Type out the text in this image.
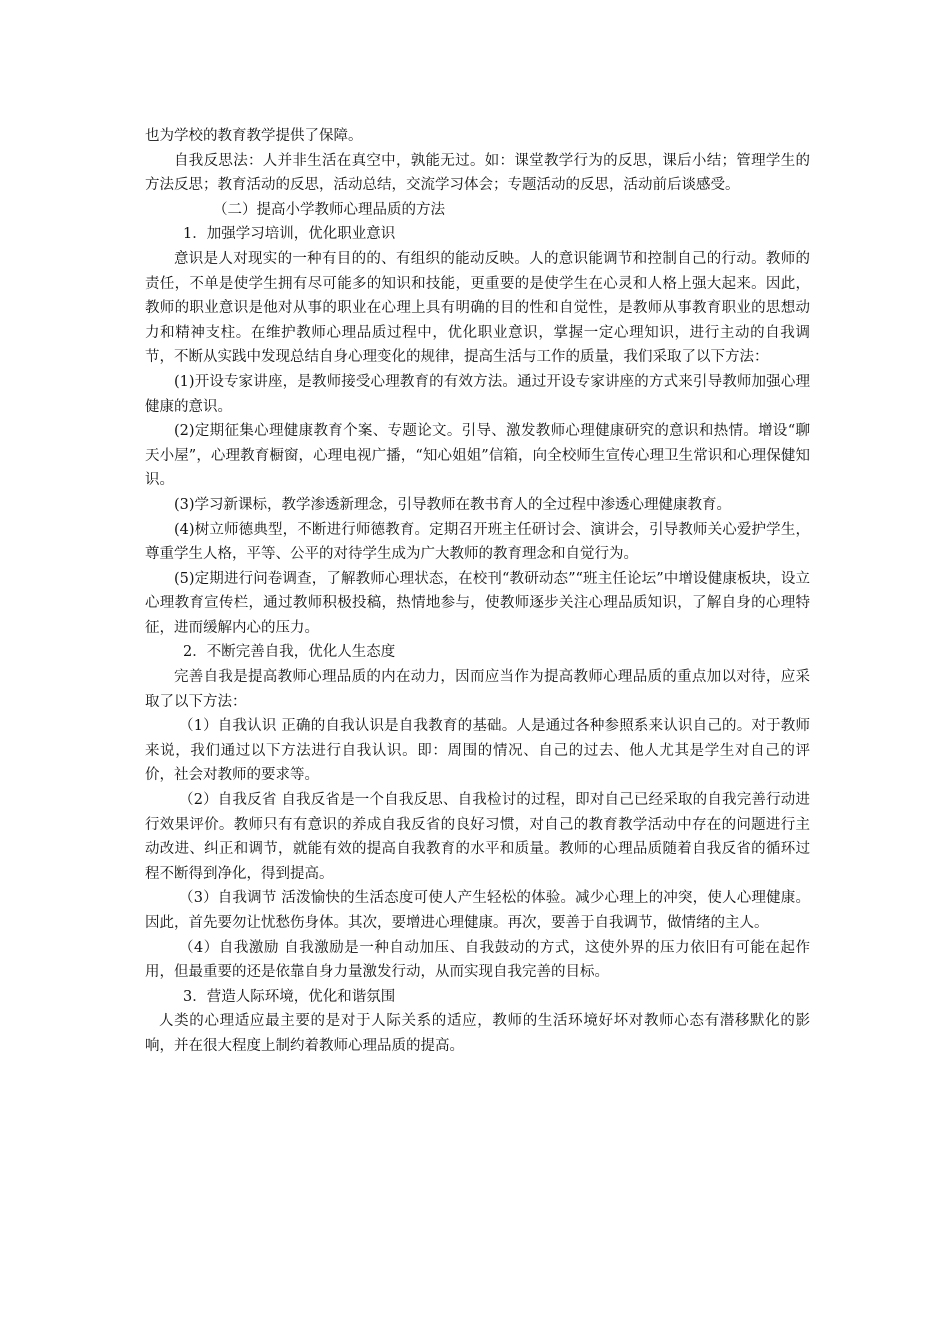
也为学校的教育教学提供了保障。

自我反思法：人并非生活在真空中，孰能无过。如：课堂教学行为的反思，课后小结；管理学生的方法反思；教育活动的反思，活动总结，交流学习体会；专题活动的反思，活动前后谈感受。

（二）提高小学教师心理品质的方法

1．加强学习培训，优化职业意识

意识是人对现实的一种有目的的、有组织的能动反映。人的意识能调节和控制自己的行动。教师的责任，不单是使学生拥有尽可能多的知识和技能，更重要的是使学生在心灵和人格上强大起来。因此，教师的职业意识是他对从事的职业在心理上具有明确的目的性和自觉性，是教师从事教育职业的思想动力和精神支柱。在维护教师心理品质过程中，优化职业意识，掌握一定心理知识，进行主动的自我调节，不断从实践中发现总结自身心理变化的规律，提高生活与工作的质量，我们采取了以下方法：

(1)开设专家讲座，是教师接受心理教育的有效方法。通过开设专家讲座的方式来引导教师加强心理健康的意识。

(2)定期征集心理健康教育个案、专题论文。引导、激发教师心理健康研究的意识和热情。增设“聊天小屋”，心理教育橱窗，心理电视广播，“知心姐姐”信箱，向全校师生宣传心理卫生常识和心理保健知识。

(3)学习新课标，教学渗透新理念，引导教师在教书育人的全过程中渗透心理健康教育。

(4)树立师德典型，不断进行师德教育。定期召开班主任研讨会、演讲会，引导教师关心爱护学生，尊重学生人格，平等、公平的对待学生成为广大教师的教育理念和自觉行为。

(5)定期进行问卷调查，了解教师心理状态，在校刊“教研动态”“班主任论坛”中增设健康板块，设立心理教育宣传栏，通过教师积极投稿，热情地参与，使教师逐步关注心理品质知识，了解自身的心理特征，进而缓解内心的压力。

2．不断完善自我，优化人生态度

完善自我是提高教师心理品质的内在动力，因而应当作为提高教师心理品质的重点加以对待，应采取了以下方法：

（1）自我认识 正确的自我认识是自我教育的基础。人是通过各种参照系来认识自己的。对于教师来说，我们通过以下方法进行自我认识。即：周围的情况、自己的过去、他人尤其是学生对自己的评价，社会对教师的要求等。

（2）自我反省 自我反省是一个自我反思、自我检讨的过程，即对自己已经采取的自我完善行动进行效果评价。教师只有有意识的养成自我反省的良好习惯，对自己的教育教学活动中存在的问题进行主动改进、纠正和调节，就能有效的提高自我教育的水平和质量。教师的心理品质随着自我反省的循环过程不断得到净化，得到提高。

（3）自我调节 活泼愉快的生活态度可使人产生轻松的体验。减少心理上的冲突，使人心理健康。因此，首先要勿让忧愁伤身体。其次，要增进心理健康。再次，要善于自我调节，做情绪的主人。

（4）自我激励 自我激励是一种自动加压、自我鼓动的方式，这使外界的压力依旧有可能在起作用，但最重要的还是依靠自身力量激发行动，从而实现自我完善的目标。

3．营造人际环境，优化和谐氛围

人类的心理适应最主要的是对于人际关系的适应，教师的生活环境好坏对教师心态有潜移默化的影响，并在很大程度上制约着教师心理品质的提高。
